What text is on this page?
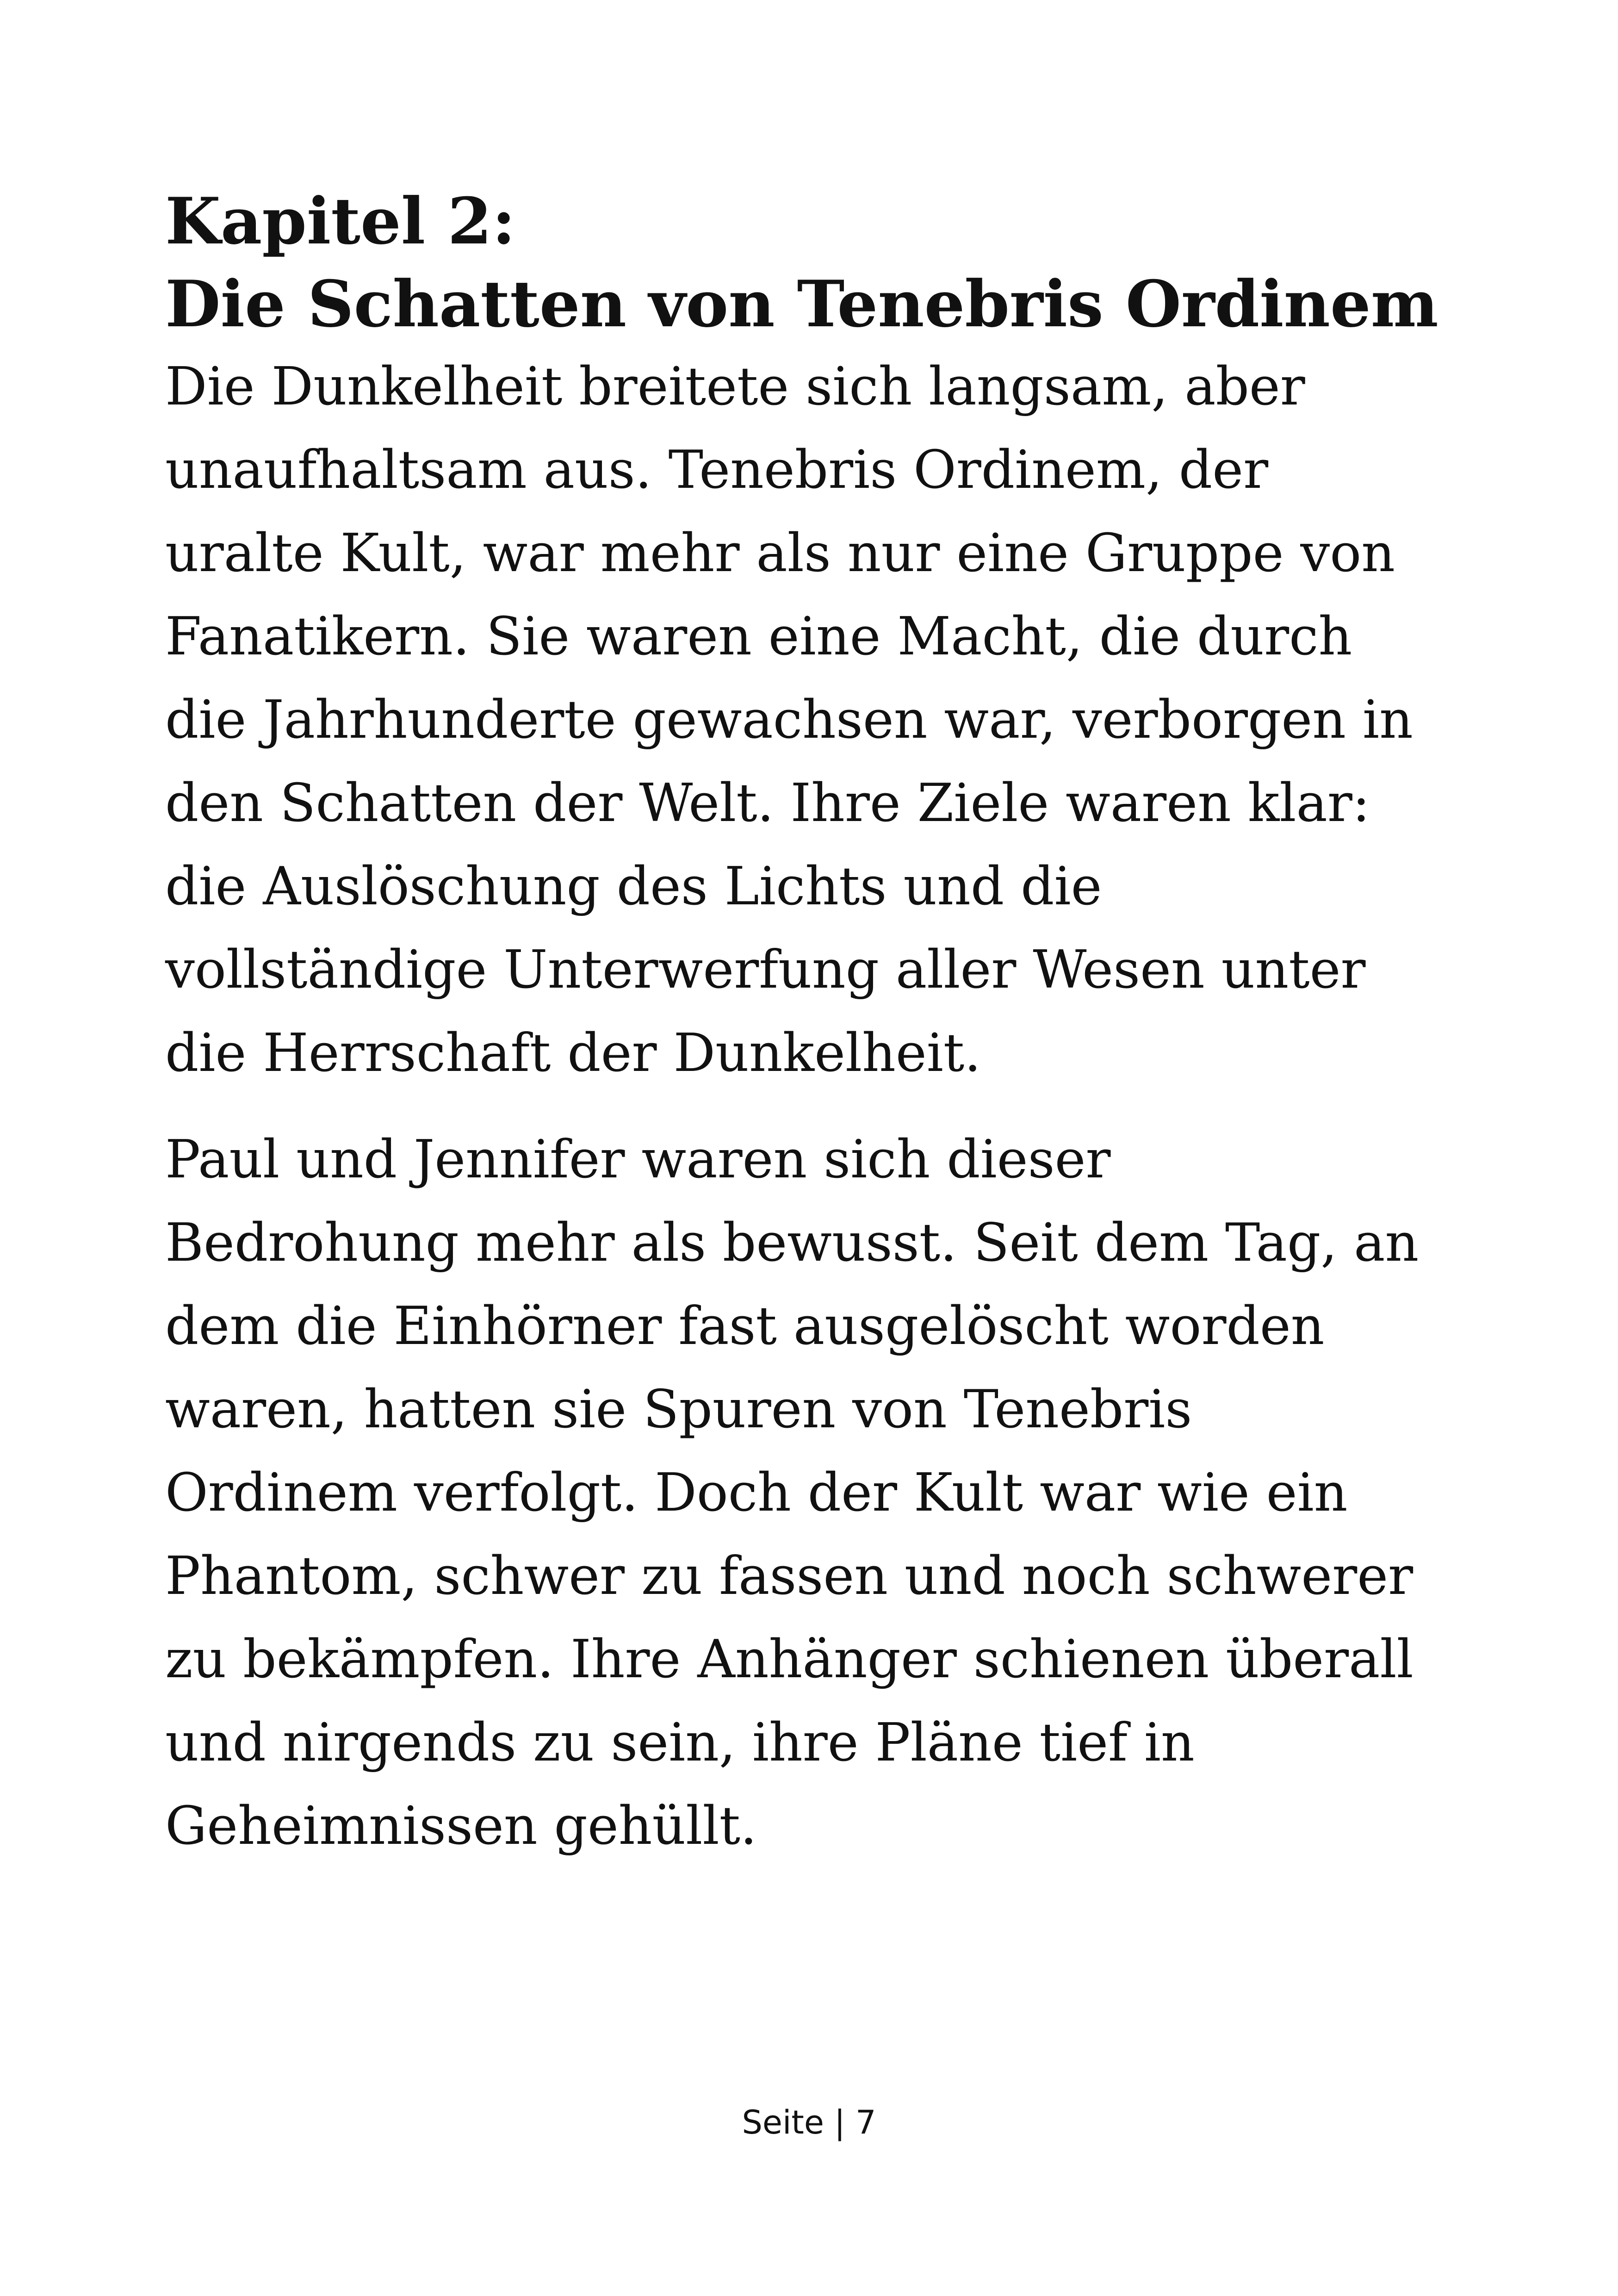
Kapitel 2:
Die Schatten von Tenebris Ordinem

Die Dunkelheit breitete sich langsam, aber
unaufhaltsam aus. Tenebris Ordinem, der
uralte Kult, war mehr als nur eine Gruppe von
Fanatikern. Sie waren eine Macht, die durch
die Jahrhunderte gewachsen war, verborgen in
den Schatten der Welt. Ihre Ziele waren klar:
die Auslöschung des Lichts und die
vollständige Unterwerfung aller Wesen unter
die Herrschaft der Dunkelheit.

Paul und Jennifer waren sich dieser
Bedrohung mehr als bewusst. Seit dem Tag, an
dem die Einhörner fast ausgelöscht worden
waren, hatten sie Spuren von Tenebris
Ordinem verfolgt. Doch der Kult war wie ein
Phantom, schwer zu fassen und noch schwerer
zu bekämpfen. Ihre Anhänger schienen überall
und nirgends zu sein, ihre Pläne tief in
Geheimnissen gehüllt.

Seite | 7
